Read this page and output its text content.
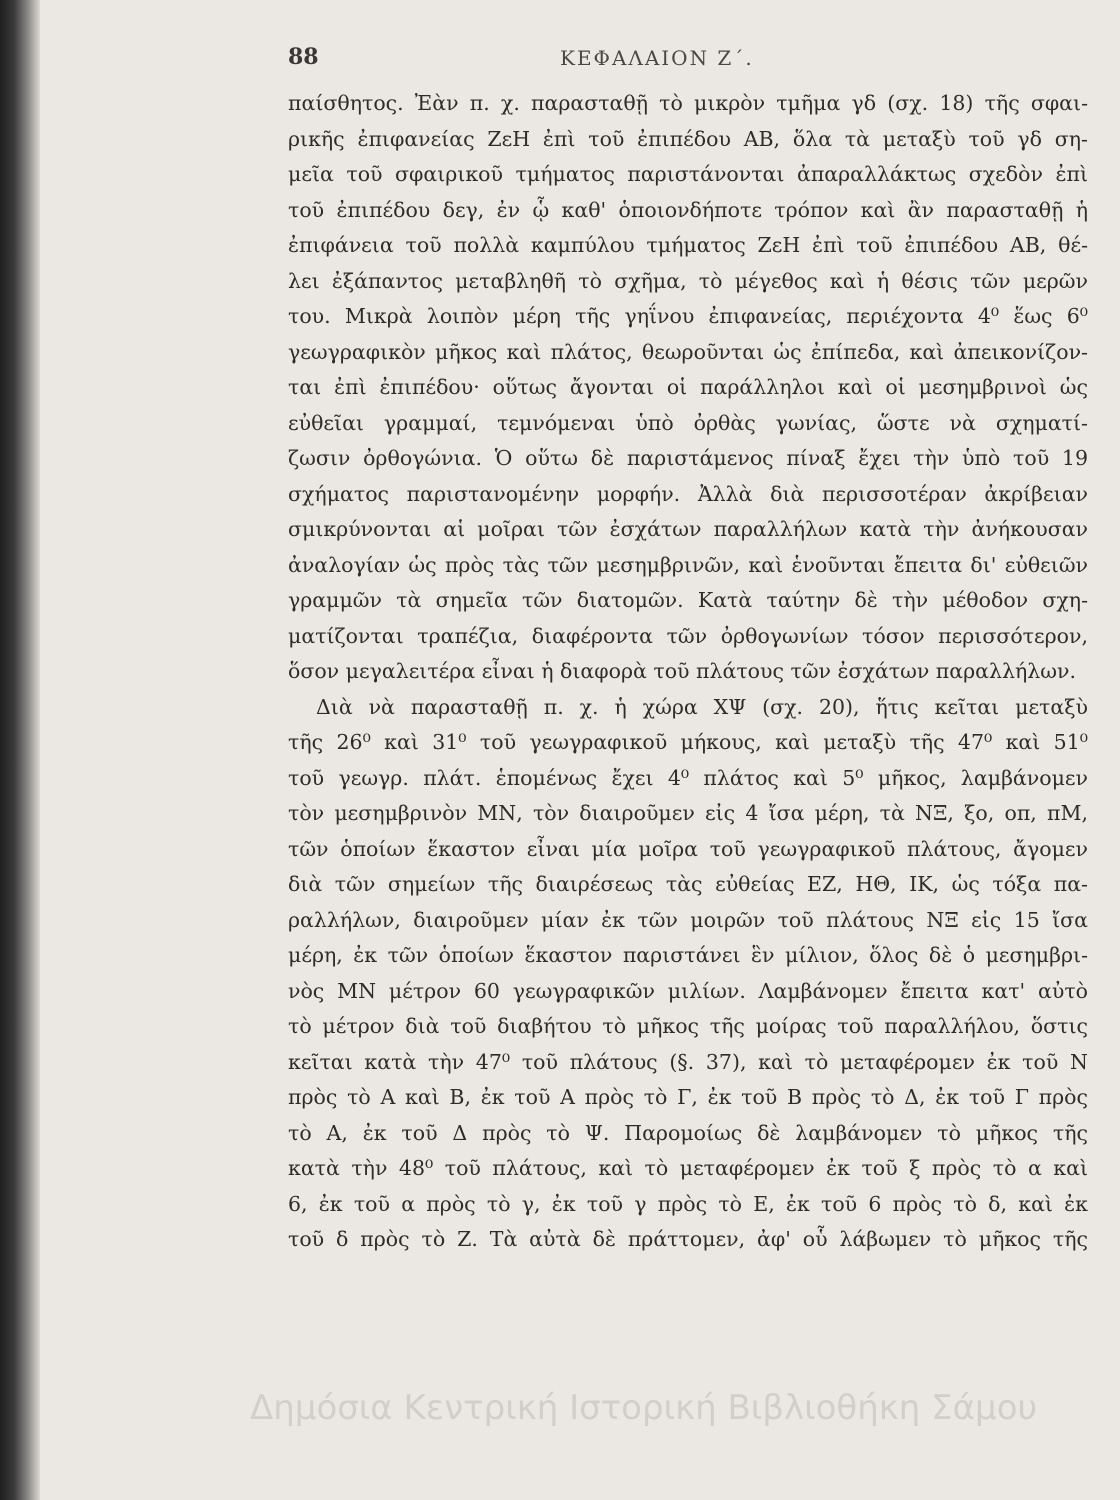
88	ΚΕΦΑΛΑΙΟΝ Ζ΄.
παίσθητος. Ἐὰν π. χ. παρασταθῇ τὸ μικρὸν τμῆμα γδ (σχ. 18) τῆς σφαι-
ρικῆς ἐπιφανείας ΖεΗ ἐπὶ τοῦ ἐπιπέδου ΑΒ, ὅλα τὰ μεταξὺ τοῦ γδ ση-
μεῖα τοῦ σφαιρικοῦ τμήματος παριστάνονται ἀπαραλλάκτως σχεδὸν ἐπὶ
τοῦ ἐπιπέδου δεγ, ἐν ᾧ καθ' ὁποιονδήποτε τρόπον καὶ ἂν παρασταθῇ ἡ
ἐπιφάνεια τοῦ πολλὰ καμπύλου τμήματος ΖεΗ ἐπὶ τοῦ ἐπιπέδου ΑΒ, θέ-
λει ἐξάπαντος μεταβληθῆ τὸ σχῆμα, τὸ μέγεθος καὶ ἡ θέσις τῶν μερῶν
του. Μικρὰ λοιπὸν μέρη τῆς γηΐνου ἐπιφανείας, περιέχοντα 4⁰ ἕως 6⁰
γεωγραφικὸν μῆκος καὶ πλάτος, θεωροῦνται ὡς ἐπίπεδα, καὶ ἀπεικονίζον-
ται ἐπὶ ἐπιπέδου· οὕτως ἄγονται οἱ παράλληλοι καὶ οἱ μεσημβρινοὶ ὡς
εὐθεῖαι γραμμαί, τεμνόμεναι ὑπὸ ὀρθὰς γωνίας, ὥστε νὰ σχηματί-
ζωσιν ὀρθογώνια. Ὁ οὕτω δὲ παριστάμενος πίναξ ἔχει τὴν ὑπὸ τοῦ 19
σχήματος παριστανομένην μορφήν. Ἀλλὰ διὰ περισσοτέραν ἀκρίβειαν
σμικρύνονται αἱ μοῖραι τῶν ἐσχάτων παραλλήλων κατὰ τὴν ἀνήκουσαν
ἀναλογίαν ὡς πρὸς τὰς τῶν μεσημβρινῶν, καὶ ἑνοῦνται ἔπειτα δι' εὐθειῶν
γραμμῶν τὰ σημεῖα τῶν διατομῶν. Κατὰ ταύτην δὲ τὴν μέθοδον σχη-
ματίζονται τραπέζια, διαφέροντα τῶν ὀρθογωνίων τόσον περισσότερον,
ὅσον μεγαλειτέρα εἶναι ἡ διαφορὰ τοῦ πλάτους τῶν ἐσχάτων παραλλήλων.
Διὰ νὰ παρασταθῇ π. χ. ἡ χώρα ΧΨ (σχ. 20), ἥτις κεῖται μεταξὺ
τῆς 26⁰ καὶ 31⁰ τοῦ γεωγραφικοῦ μήκους, καὶ μεταξὺ τῆς 47⁰ καὶ 51⁰
τοῦ γεωγρ. πλάτ. ἑπομένως ἔχει 4⁰ πλάτος καὶ 5⁰ μῆκος, λαμβάνομεν
τὸν μεσημβρινὸν ΜΝ, τὸν διαιροῦμεν εἰς 4 ἴσα μέρη, τὰ ΝΞ, ξο, οπ, πΜ,
τῶν ὁποίων ἕκαστον εἶναι μία μοῖρα τοῦ γεωγραφικοῦ πλάτους, ἄγομεν
διὰ τῶν σημείων τῆς διαιρέσεως τὰς εὐθείας ΕΖ, ΗΘ, ΙΚ, ὡς τόξα πα-
ραλλήλων, διαιροῦμεν μίαν ἐκ τῶν μοιρῶν τοῦ πλάτους ΝΞ εἰς 15 ἴσα
μέρη, ἐκ τῶν ὁποίων ἕκαστον παριστάνει ἓν μίλιον, ὅλος δὲ ὁ μεσημβρι-
νὸς ΜΝ μέτρον 60 γεωγραφικῶν μιλίων. Λαμβάνομεν ἔπειτα κατ' αὐτὸ
τὸ μέτρον διὰ τοῦ διαβήτου τὸ μῆκος τῆς μοίρας τοῦ παραλλήλου, ὅστις
κεῖται κατὰ τὴν 47⁰ τοῦ πλάτους (§. 37), καὶ τὸ μεταφέρομεν ἐκ τοῦ Ν
πρὸς τὸ Α καὶ Β, ἐκ τοῦ Α πρὸς τὸ Γ, ἐκ τοῦ Β πρὸς τὸ Δ, ἐκ τοῦ Γ πρὸς
τὸ Α, ἐκ τοῦ Δ πρὸς τὸ Ψ. Παρομοίως δὲ λαμβάνομεν τὸ μῆκος τῆς
κατὰ τὴν 48⁰ τοῦ πλάτους, καὶ τὸ μεταφέρομεν ἐκ τοῦ ξ πρὸς τὸ α καὶ
6, ἐκ τοῦ α πρὸς τὸ γ, ἐκ τοῦ γ πρὸς τὸ Ε, ἐκ τοῦ 6 πρὸς τὸ δ, καὶ ἐκ
τοῦ δ πρὸς τὸ Ζ. Τὰ αὐτὰ δὲ πράττομεν, ἀφ' οὗ λάβωμεν τὸ μῆκος τῆς
Δημόσια Κεντρική Ιστορική Βιβλιοθήκη Σάμου
